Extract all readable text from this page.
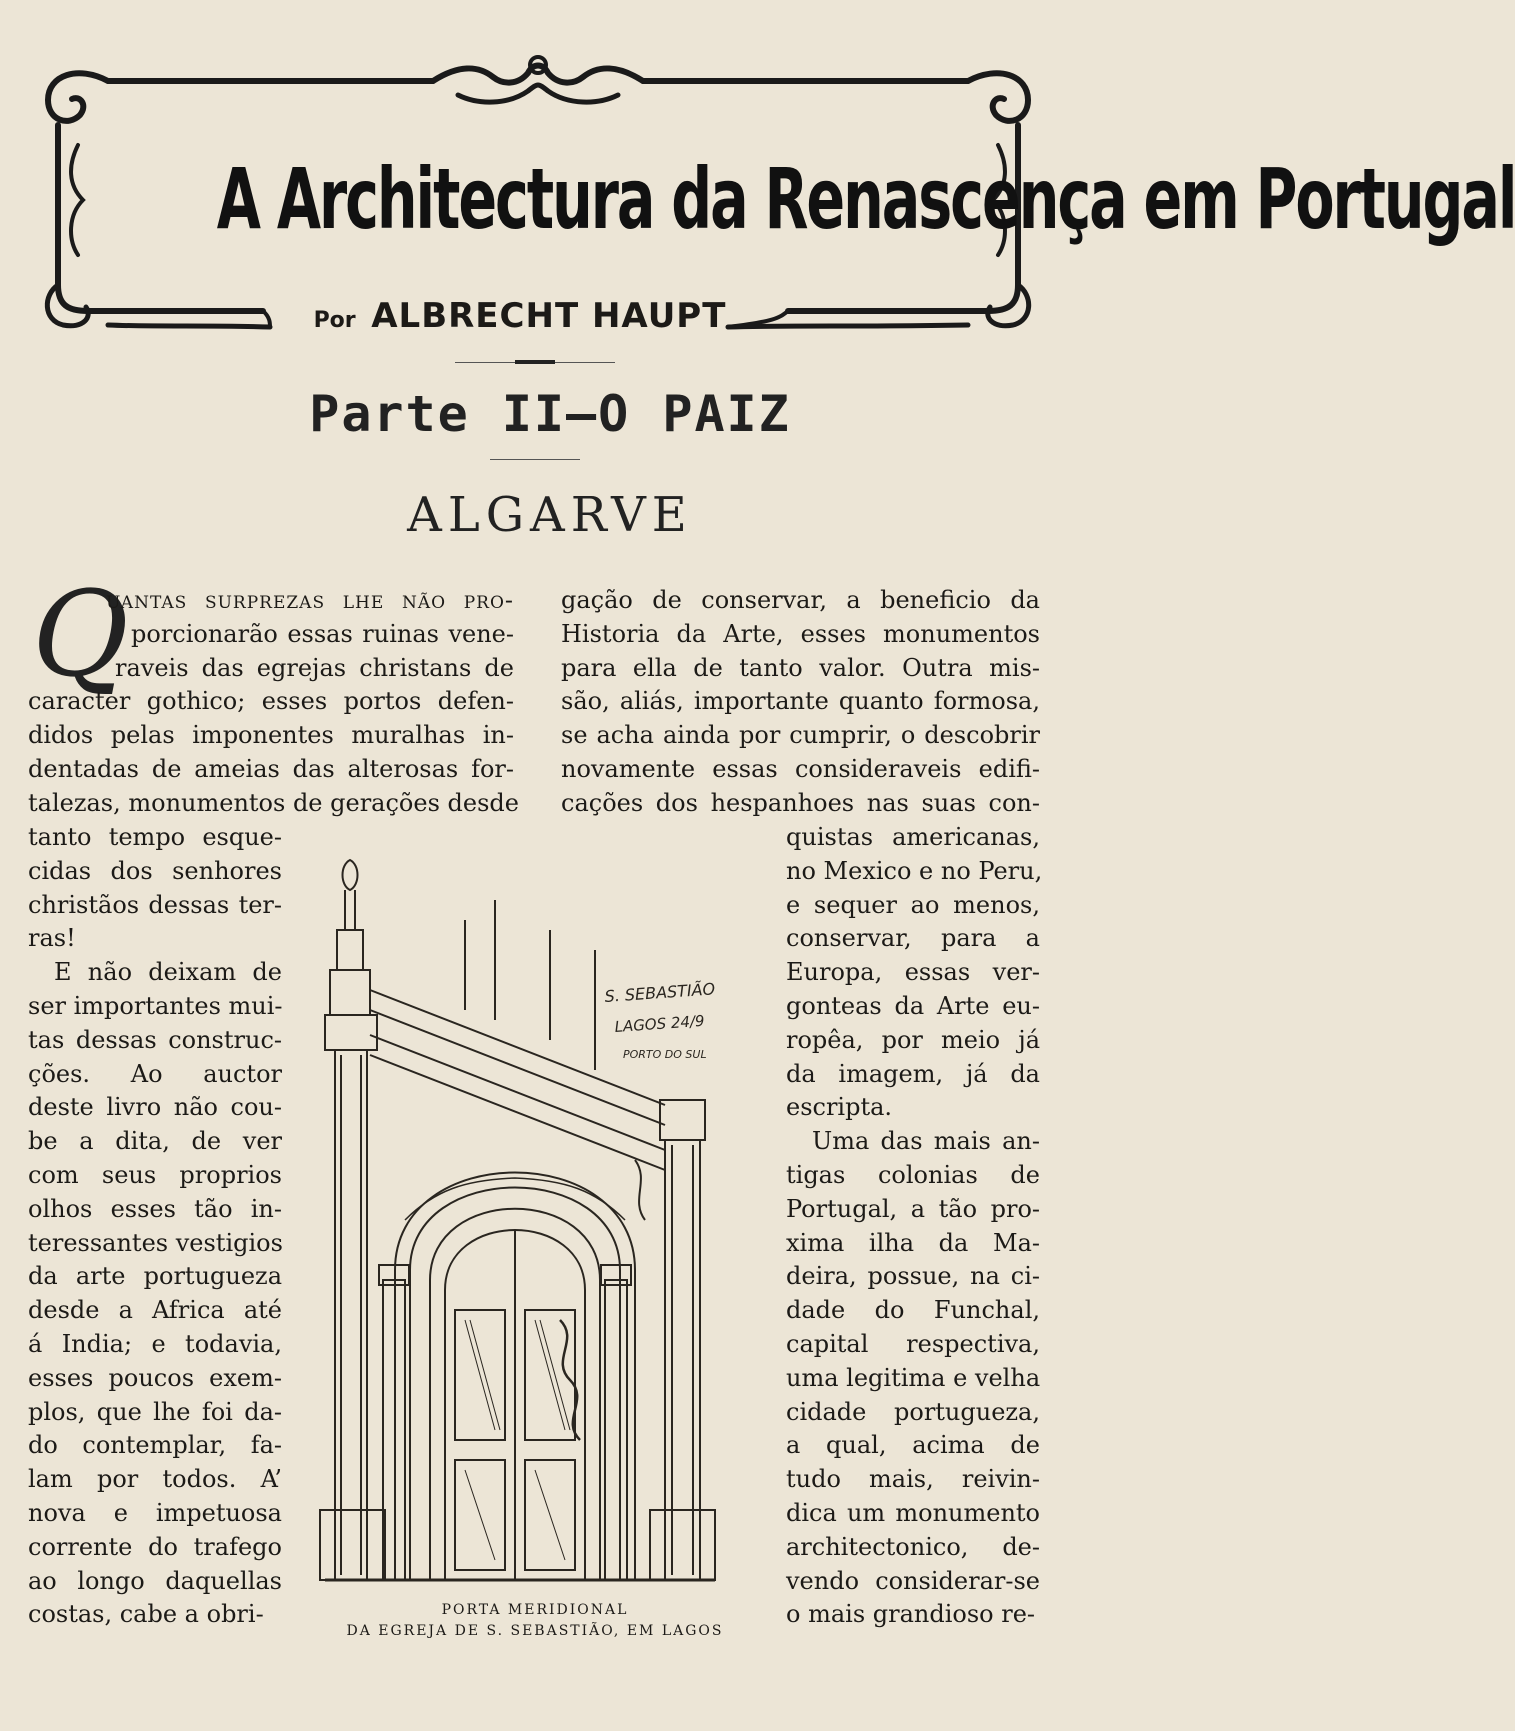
A Architectura da Renascença em Portugal
Por ALBRECHT HAUPT
Parte II—O PAIZ
ALGARVE
Q
uantas surprezas lhe não pro-
porcionarão essas ruinas vene-
raveis das egrejas christans de
caracter gothico; esses portos defen-
didos pelas imponentes muralhas in-
dentadas de ameias das alterosas for-
talezas, monumentos de gerações desde
tanto tempo esque-
cidas dos senhores
christãos dessas ter-
ras!
E não deixam de
ser importantes mui-
tas dessas construc-
ções. Ao auctor
deste livro não cou-
be a dita, de ver
com seus proprios
olhos esses tão in-
teressantes vestigios
da arte portugueza
desde a Africa até
á India; e todavia,
esses poucos exem-
plos, que lhe foi da-
do contemplar, fa-
lam por todos. A’
nova e impetuosa
corrente do trafego
ao longo daquellas
costas, cabe a obri-
gação de conservar, a beneficio da
Historia da Arte, esses monumentos
para ella de tanto valor. Outra mis-
são, aliás, importante quanto formosa,
se acha ainda por cumprir, o descobrir
novamente essas consideraveis edifi-
cações dos hespanhoes nas suas con-
quistas americanas,
no Mexico e no Peru,
e sequer ao menos,
conservar, para a
Europa, essas ver-
gonteas da Arte eu-
ropêa, por meio já
da imagem, já da
escripta.
Uma das mais an-
tigas colonias de
Portugal, a tão pro-
xima ilha da Ma-
deira, possue, na ci-
dade do Funchal,
capital respectiva,
uma legitima e velha
cidade portugueza,
a qual, acima de
tudo mais, reivin-
dica um monumento
architectonico, de-
vendo considerar-se
o mais grandioso re-
S. SEBASTIÃO
LAGOS 24/9
PORTO DO SUL
PORTA MERIDIONAL
DA EGREJA DE S. SEBASTIÃO, EM LAGOS
